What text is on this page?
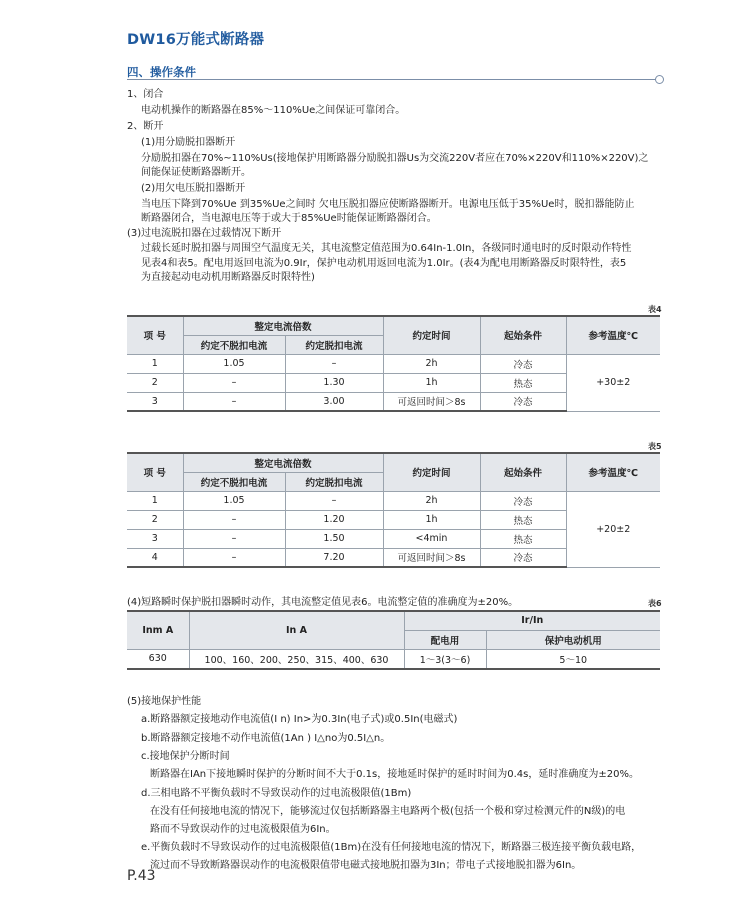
DW16万能式断路器
四、操作条件
1、闭合
电动机操作的断路器在85%～110%Ue之间保证可靠闭合。
2、断开
(1)用分励脱扣器断开
分励脱扣器在70%~110%Us(接地保护用断路器分励脱扣器Us为交流220V者应在70%×220V和110%×220V)之
间能保证使断路器断开。
(2)用欠电压脱扣器断开
当电压下降到70%Ue 到35%Ue之间时 欠电压脱扣器应使断路器断开。电源电压低于35%Ue时，脱扣器能防止
断路器闭合，当电源电压等于或大于85%Ue时能保证断路器闭合。
(3)过电流脱扣器在过载情况下断开
过载长延时脱扣器与周围空气温度无关，其电流整定值范围为0.64In-1.0In，各级同时通电时的反时限动作特性
见表4和表5。配电用返回电流为0.9Ir，保护电动机用返回电流为1.0Ir。(表4为配电用断路器反时限特性，表5
为直接起动电动机用断路器反时限特性)
表4
项 号	整定电流倍数		约定时间	起始条件	参考温度℃
	约定不脱扣电流	约定脱扣电流			
1	1.05	–	2h	冷态	+30±2
2	–	1.30	1h	热态	
3	–	3.00	可返回时间＞8s	冷态	
表5
项 号	整定电流倍数		约定时间	起始条件	参考温度℃
	约定不脱扣电流	约定脱扣电流			
1	1.05	–	2h	冷态	+20±2
2	–	1.20	1h	热态	
3	–	1.50	<4min	热态	
4	–	7.20	可返回时间＞8s	冷态	
(4)短路瞬时保护脱扣器瞬时动作，其电流整定值见表6。电流整定值的准确度为±20%。	表6
Inm A	In A	Ir/In	
		配电用	保护电动机用
630	100、160、200、250、315、400、630	1～3(3～6)	5～10
(5)接地保护性能
a.断路器额定接地动作电流值(I n) In>为0.3In(电子式)或0.5In(电磁式)
b.断路器额定接地不动作电流值(1An ) I△no为0.5I△n。
c.接地保护分断时间
断路器在IAn下接地瞬时保护的分断时间不大于0.1s，接地延时保护的延时时间为0.4s，延时准确度为±20%。
d.三相电路不平衡负载时不导致误动作的过电流极限值(1Bm)
在没有任何接地电流的情况下，能够流过仅包括断路器主电路两个极(包括一个极和穿过检测元件的N级)的电
路而不导致误动作的过电流极限值为6In。
e.平衡负载时不导致误动作的过电流极限值(1Bm)在没有任何接地电流的情况下，断路器三极连接平衡负载电路，
流过而不导致断路器误动作的电流极限值带电磁式接地脱扣器为3In；带电子式接地脱扣器为6In。
P.43
